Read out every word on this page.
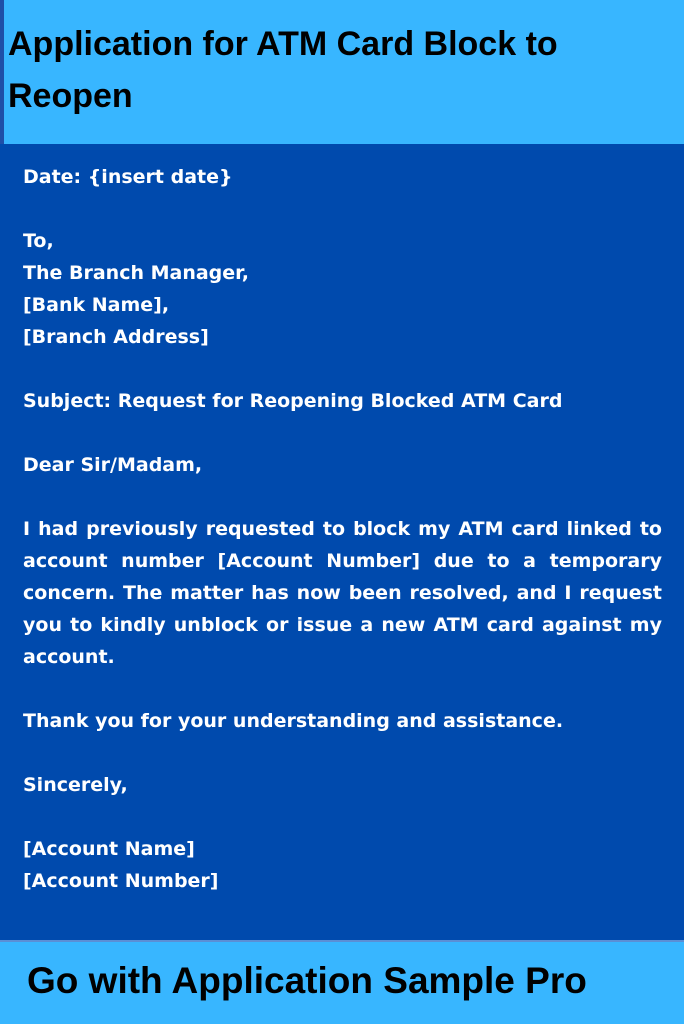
Application for ATM Card Block to Reopen
Date: {insert date}
To,
The Branch Manager,
[Bank Name],
[Branch Address]
Subject: Request for Reopening Blocked ATM Card
Dear Sir/Madam,
I had previously requested to block my ATM card linked to account number [Account Number] due to a temporary concern. The matter has now been resolved, and I request you to kindly unblock or issue a new ATM card against my account.
Thank you for your understanding and assistance.
Sincerely,
[Account Name]
[Account Number]

Go with Application Sample Pro
